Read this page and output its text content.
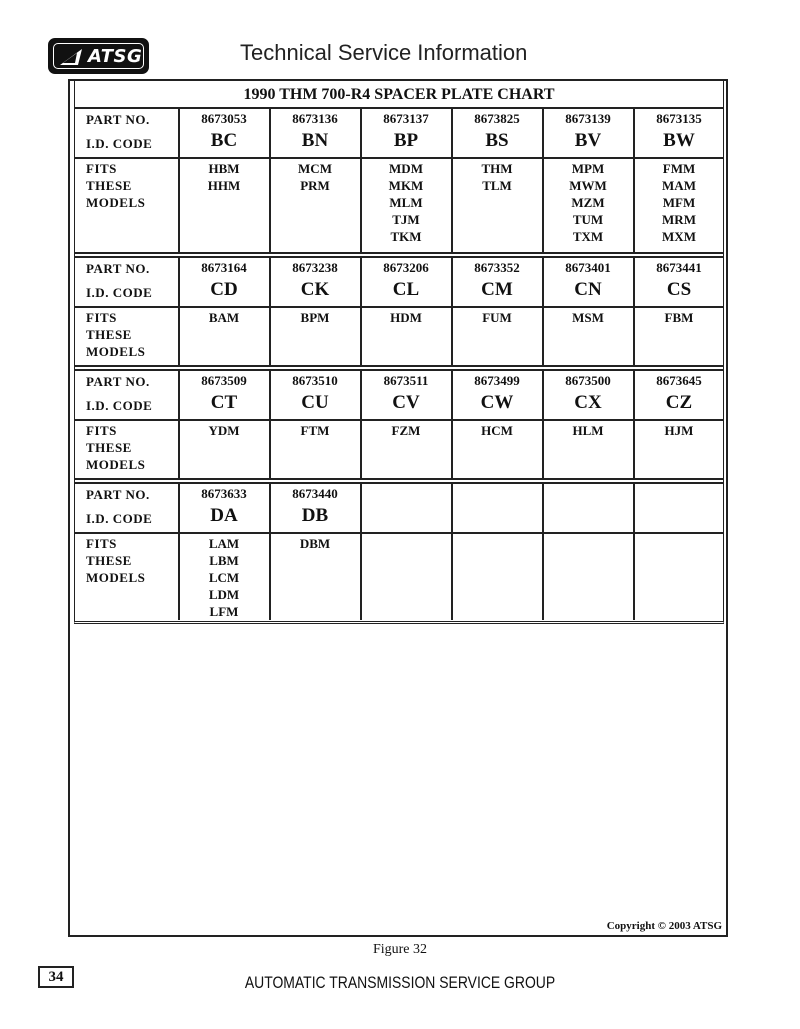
ATSG	Technical Service Information
1990 THM 700-R4 SPACER PLATE CHART
PART NO.
I.D. CODE
FITS
THESE
MODELS
8673053
BC
HBM
HHM
8673136
BN
MCM
PRM
8673137
BP
MDM
MKM
MLM
TJM
TKM
8673825
BS
THM
TLM
8673139
BV
MPM
MWM
MZM
TUM
TXM
8673135
BW
FMM
MAM
MFM
MRM
MXM
PART NO.
I.D. CODE
FITS
THESE
MODELS
8673164
CD
BAM
8673238
CK
BPM
8673206
CL
HDM
8673352
CM
FUM
8673401
CN
MSM
8673441
CS
FBM
PART NO.
I.D. CODE
FITS
THESE
MODELS
8673509
CT
YDM
8673510
CU
FTM
8673511
CV
FZM
8673499
CW
HCM
8673500
CX
HLM
8673645
CZ
HJM
PART NO.
I.D. CODE
FITS
THESE
MODELS
8673633
DA
LAM
LBM
LCM
LDM
LFM
8673440
DB
DBM
Copyright © 2003 ATSG
Figure 32
34	AUTOMATIC TRANSMISSION SERVICE GROUP
